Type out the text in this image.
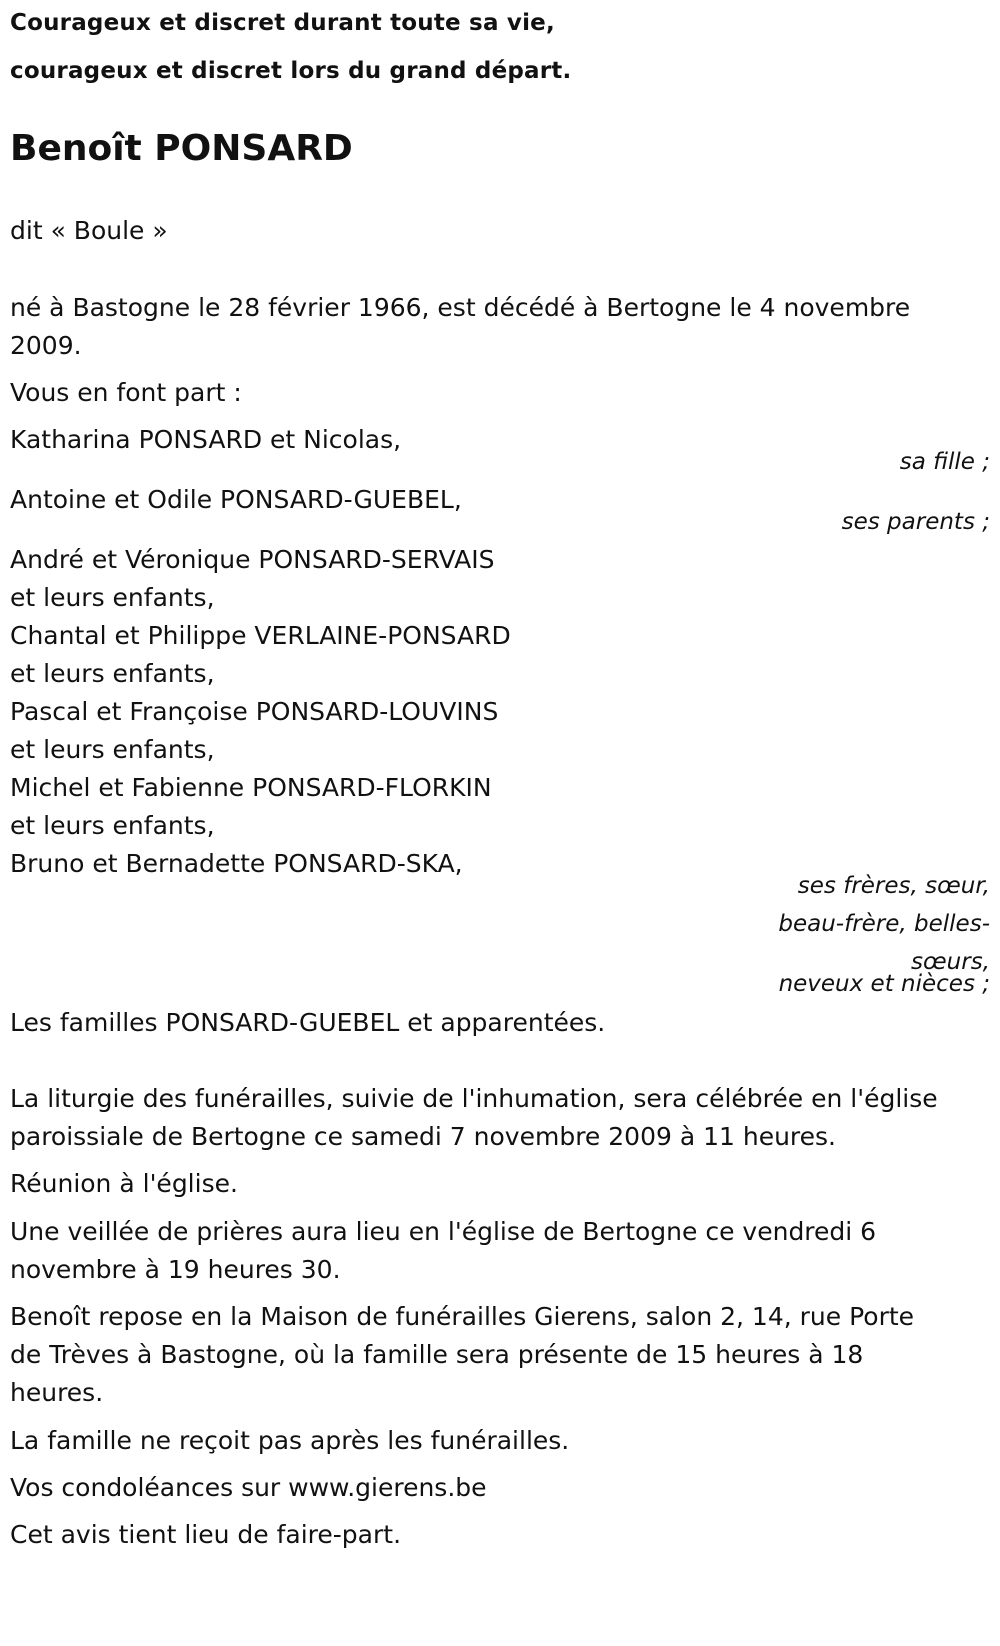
Courageux et discret durant toute sa vie,
courageux et discret lors du grand départ.
Benoît PONSARD
dit « Boule »
né à Bastogne le 28 février 1966, est décédé à Bertogne le 4 novembre
2009.
Vous en font part :
Katharina PONSARD et Nicolas,
sa fille ;
Antoine et Odile PONSARD-GUEBEL,
ses parents ;
André et Véronique PONSARD-SERVAIS
et leurs enfants,
Chantal et Philippe VERLAINE-PONSARD
et leurs enfants,
Pascal et Françoise PONSARD-LOUVINS
et leurs enfants,
Michel et Fabienne PONSARD-FLORKIN
et leurs enfants,
Bruno et Bernadette PONSARD-SKA,
ses frères, sœur,
beau-frère, belles-
sœurs,
neveux et nièces ;
Les familles PONSARD-GUEBEL et apparentées.
La liturgie des funérailles, suivie de l'inhumation, sera célébrée en l'église
paroissiale de Bertogne ce samedi 7 novembre 2009 à 11 heures.
Réunion à l'église.
Une veillée de prières aura lieu en l'église de Bertogne ce vendredi 6
novembre à 19 heures 30.
Benoît repose en la Maison de funérailles Gierens, salon 2, 14, rue Porte
de Trèves à Bastogne, où la famille sera présente de 15 heures à 18
heures.
La famille ne reçoit pas après les funérailles.
Vos condoléances sur www.gierens.be
Cet avis tient lieu de faire-part.
